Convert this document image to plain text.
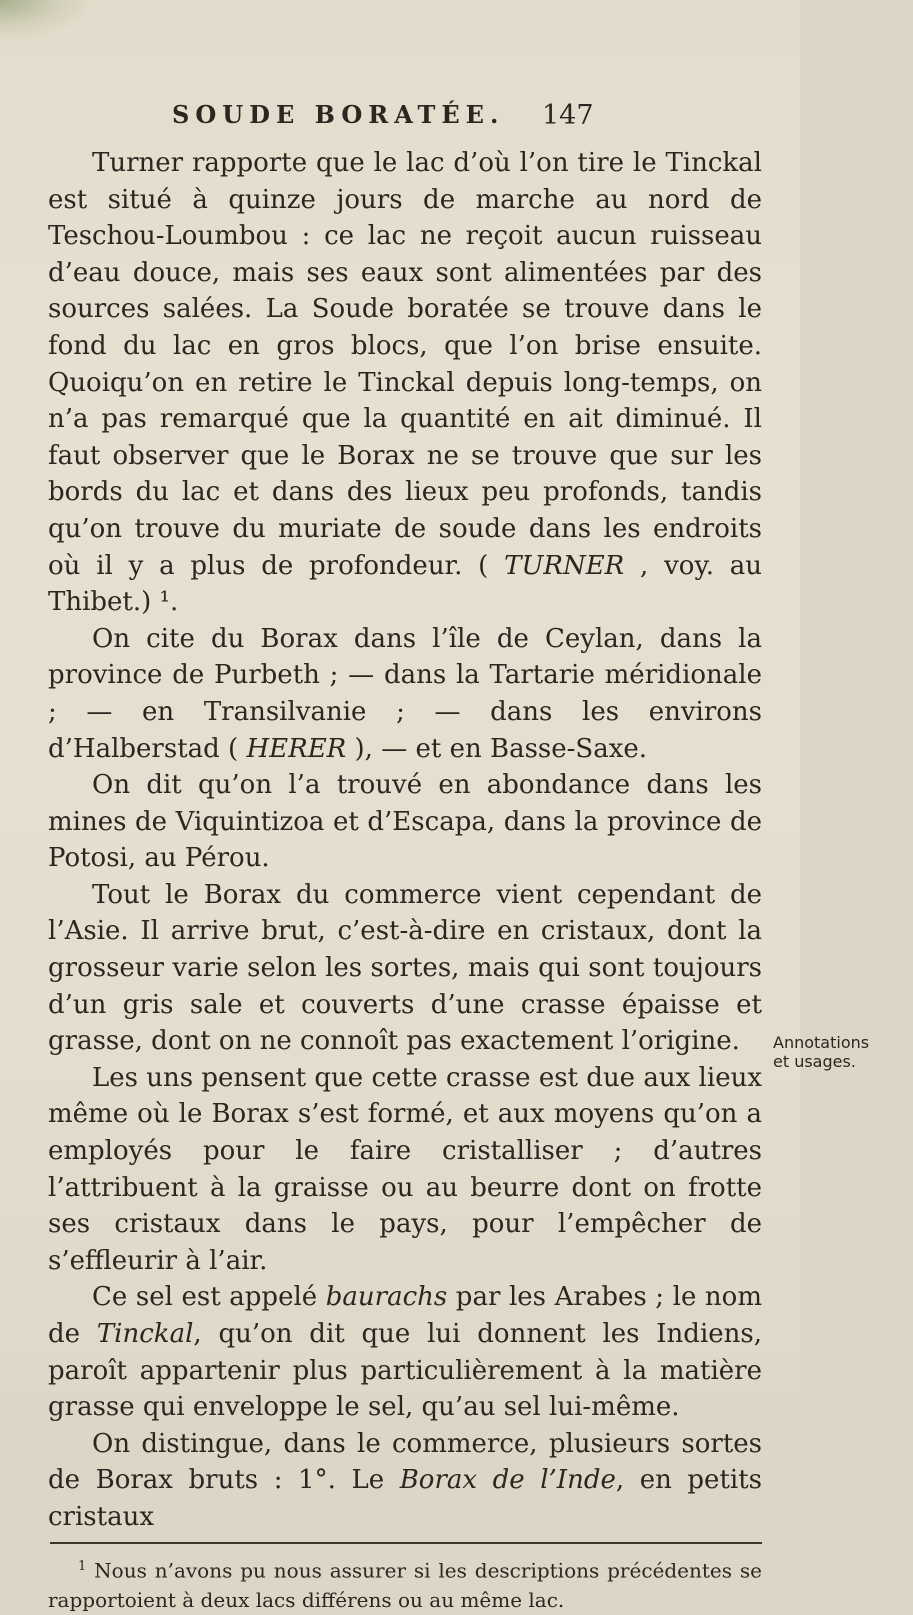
SOUDE BORATÉE. 147

Turner rapporte que le lac d’où l’on tire le Tinckal est situé à quinze jours de marche au nord de Teschou-Loumbou : ce lac ne reçoit aucun ruisseau d’eau douce, mais ses eaux sont alimentées par des sources salées. La Soude boratée se trouve dans le fond du lac en gros blocs, que l’on brise ensuite. Quoiqu’on en retire le Tinckal depuis long-temps, on n’a pas remarqué que la quantité en ait diminué. Il faut observer que le Borax ne se trouve que sur les bords du lac et dans des lieux peu profonds, tandis qu’on trouve du muriate de soude dans les endroits où il y a plus de profondeur. ( TURNER , voy. au Thibet.) ¹.

On cite du Borax dans l’île de Ceylan, dans la province de Purbeth ; — dans la Tartarie méridionale ; — en Transilvanie ; — dans les environs d’Halberstad ( HERER ), — et en Basse-Saxe.

On dit qu’on l’a trouvé en abondance dans les mines de Viquintizoa et d’Escapa, dans la province de Potosi, au Pérou.

Tout le Borax du commerce vient cependant de l’Asie. Il arrive brut, c’est-à-dire en cristaux, dont la grosseur varie selon les sortes, mais qui sont toujours d’un gris sale et couverts d’une crasse épaisse et grasse, dont on ne connoît pas exactement l’origine.

Les uns pensent que cette crasse est due aux lieux même où le Borax s’est formé, et aux moyens qu’on a employés pour le faire cristalliser ; d’autres l’attribuent à la graisse ou au beurre dont on frotte ses cristaux dans le pays, pour l’empêcher de s’effleurir à l’air.

Ce sel est appelé baurachs par les Arabes ; le nom de Tinckal, qu’on dit que lui donnent les Indiens, paroît appartenir plus particulièrement à la matière grasse qui enveloppe le sel, qu’au sel lui-même.

On distingue, dans le commerce, plusieurs sortes de Borax bruts : 1°. Le Borax de l’Inde, en petits cristaux

Annotations
et usages.

$^1$ Nous n’avons pu nous assurer si les descriptions précédentes se rapportoient à deux lacs différens ou au même lac.
